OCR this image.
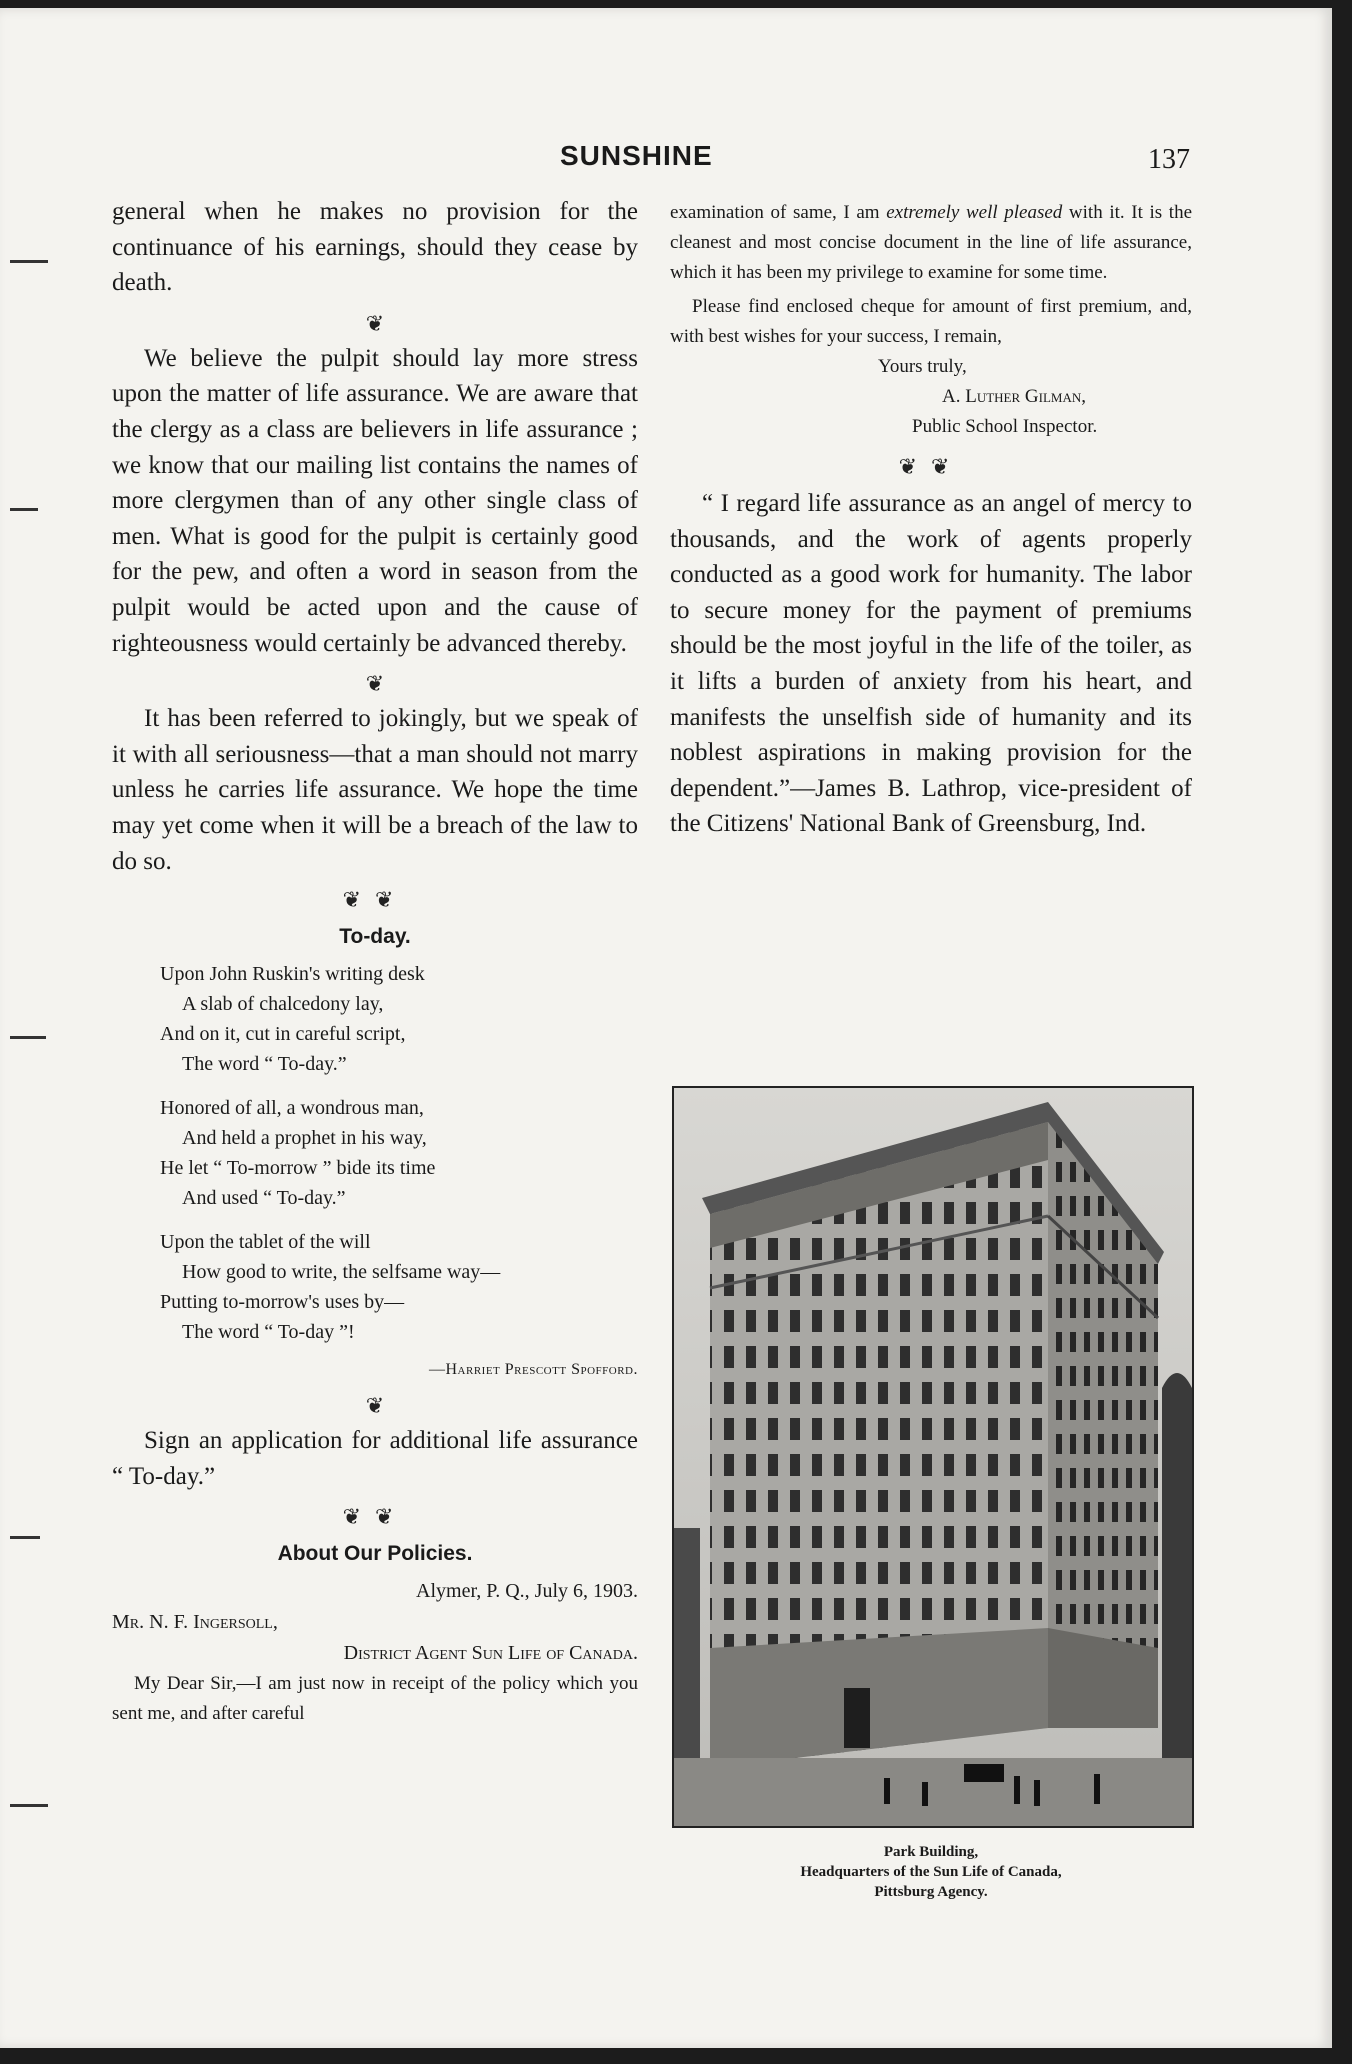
SUNSHINE	137

general when he makes no provision for the continuance of his earnings, should they cease by death.

❦

We believe the pulpit should lay more stress upon the matter of life assurance. We are aware that the clergy as a class are believers in life assurance ; we know that our mailing list contains the names of more clergymen than of any other single class of men. What is good for the pulpit is certainly good for the pew, and often a word in season from the pulpit would be acted upon and the cause of righteousness would certainly be advanced thereby.

❦

It has been referred to jokingly, but we speak of it with all seriousness—that a man should not marry unless he carries life assurance. We hope the time may yet come when it will be a breach of the law to do so.

❦❦

To-day.
Upon John Ruskin's writing desk
A slab of chalcedony lay,
And on it, cut in careful script,
The word “ To-day.”
Honored of all, a wondrous man,
And held a prophet in his way,
He let “ To-morrow ” bide its time
And used “ To-day.”
Upon the tablet of the will
How good to write, the selfsame way—
Putting to-morrow's uses by—
The word “ To-day ”!
—Harriet Prescott Spofford.

❦

Sign an application for additional life assurance “ To-day.”

❦❦

About Our Policies.

Alymer, P. Q., July 6, 1903.

Mr. N. F. Ingersoll,

District Agent Sun Life of Canada.

My Dear Sir,—I am just now in receipt of the policy which you sent me, and after careful

examination of same, I am extremely well pleased with it. It is the cleanest and most concise document in the line of life assurance, which it has been my privilege to examine for some time.

Please find enclosed cheque for amount of first premium, and, with best wishes for your success, I remain,

Yours truly,

A. Luther Gilman,

Public School Inspector.

❦❦

“ I regard life assurance as an angel of mercy to thousands, and the work of agents properly conducted as a good work for humanity. The labor to secure money for the payment of premiums should be the most joyful in the life of the toiler, as it lifts a burden of anxiety from his heart, and manifests the unselfish side of humanity and its noblest aspirations in making provision for the dependent.”—James B. Lathrop, vice-president of the Citizens' National Bank of Greensburg, Ind.

Park Building,
Headquarters of the Sun Life of Canada,
Pittsburg Agency.
